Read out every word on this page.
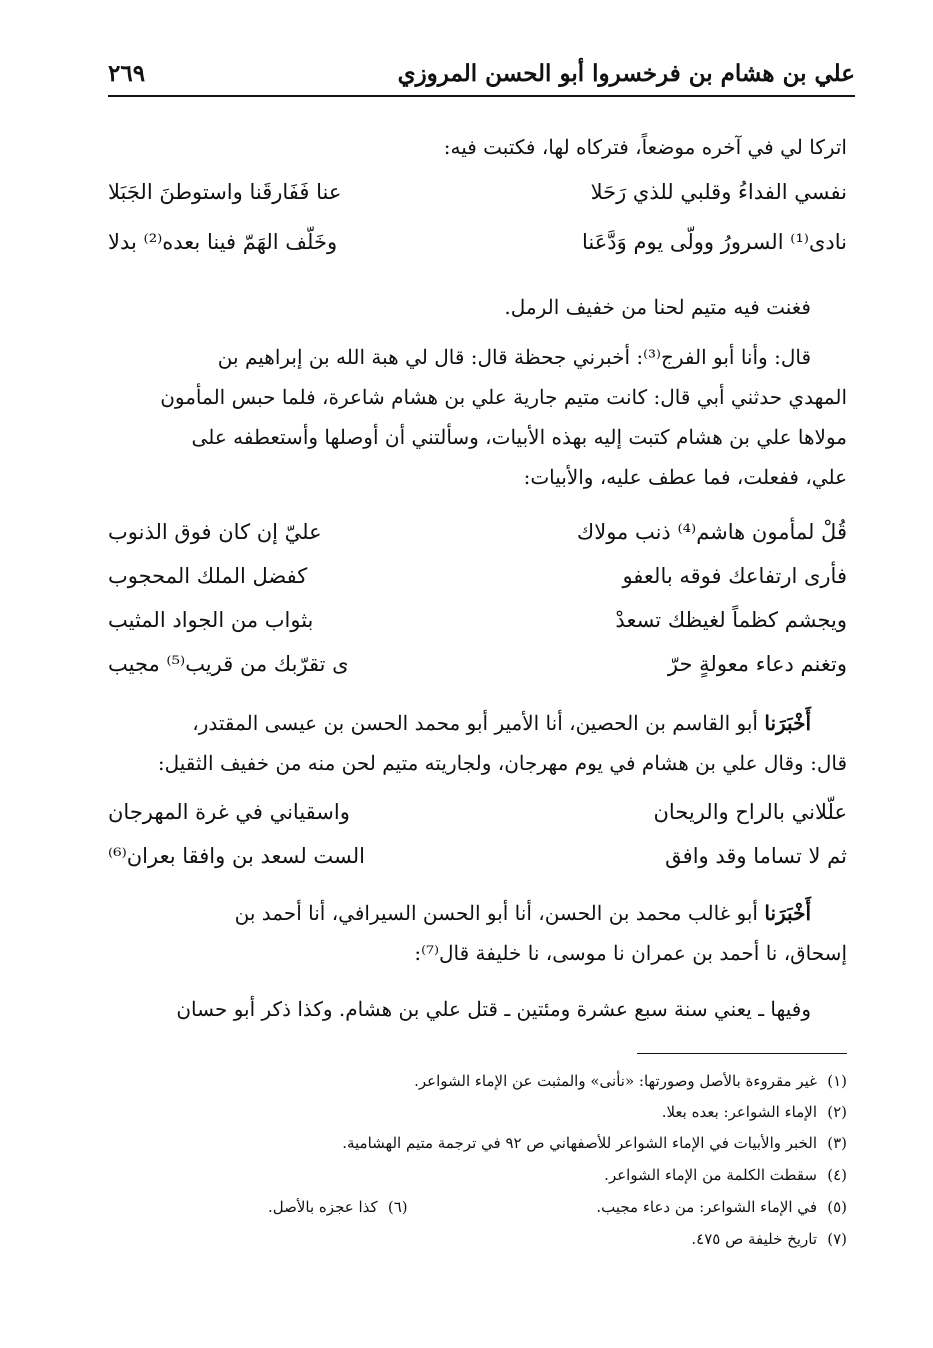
علي بن هشام بن فرخسروا أبو الحسن المروزي
٢٦٩
اتركا لي في آخره موضعاً، فتركاه لها، فكتبت فيه:
نفسي الفداءُ وقلبي للذي رَحَلا
عنا فَفَارقَنا واستوطنَ الجَبَلا
نادى⁽¹⁾ السرورُ وولّى يوم وَدَّعَنا
وخَلّف الهَمّ فينا بعده⁽²⁾ بدلا
فغنت فيه متيم لحنا من خفيف الرمل.
قال: وأنا أبو الفرج⁽³⁾: أخبرني جحظة قال: قال لي هبة الله بن إبراهيم بن
المهدي حدثني أبي قال: كانت متيم جارية علي بن هشام شاعرة، فلما حبس المأمون
مولاها علي بن هشام كتبت إليه بهذه الأبيات، وسألتني أن أوصلها وأستعطفه على
علي، ففعلت، فما عطف عليه، والأبيات:
قُلْ لمأمون هاشم⁽⁴⁾ ذنب مولاك
عليّ إن كان فوق الذنوب
فأرى ارتفاعك فوقه بالعفو
كفضل الملك المحجوب
ويجشم كظماً لغيظك تسعدْ
بثواب من الجواد المثيب
وتغنم دعاء معولةٍ حرّ
ى تقرّبك من قريب⁽⁵⁾ مجيب
أَخْبَرَنا أبو القاسم بن الحصين، أنا الأمير أبو محمد الحسن بن عيسى المقتدر،
قال: وقال علي بن هشام في يوم مهرجان، ولجاريته متيم لحن منه من خفيف الثقيل:
علّلاني بالراح والريحان
واسقياني في غرة المهرجان
ثم لا تساما وقد وافق
الست لسعد بن وافقا بعران⁽⁶⁾
أَخْبَرَنا أبو غالب محمد بن الحسن، أنا أبو الحسن السيرافي، أنا أحمد بن
إسحاق، نا أحمد بن عمران نا موسى، نا خليفة قال⁽⁷⁾:
وفيها ـ يعني سنة سبع عشرة ومئتين ـ قتل علي بن هشام. وكذا ذكر أبو حسان
(١)غير مقروءة بالأصل وصورتها: «نأنى» والمثبت عن الإماء الشواعر.
(٢)الإماء الشواعر: بعده بعلا.
(٣)الخبر والأبيات في الإماء الشواعر للأصفهاني ص ٩٢ في ترجمة متيم الهشامية.
(٤)سقطت الكلمة من الإماء الشواعر.
(٥)في الإماء الشواعر: من دعاء مجيب.
(٦)كذا عجزه بالأصل.
(٧)تاريخ خليفة ص ٤٧٥.
